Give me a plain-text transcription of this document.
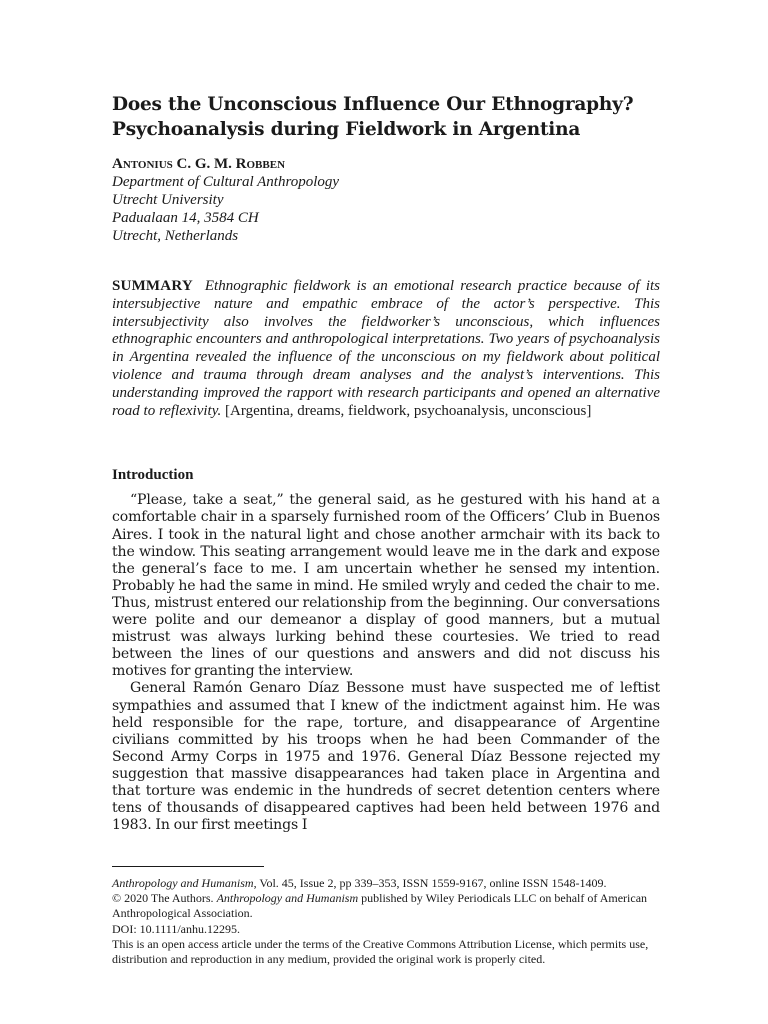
Does the Unconscious Influence Our Ethnography?
Psychoanalysis during Fieldwork in Argentina
Antonius C. G. M. Robben
Department of Cultural Anthropology
Utrecht University
Padualaan 14, 3584 CH
Utrecht, Netherlands
SUMMARY Ethnographic fieldwork is an emotional research practice because of its intersubjective nature and empathic embrace of the actor’s perspective. This intersubjectivity also involves the fieldworker’s unconscious, which influences ethnographic encounters and anthropological interpretations. Two years of psychoanalysis in Argentina revealed the influence of the unconscious on my fieldwork about political violence and trauma through dream analyses and the analyst’s interventions. This understanding improved the rapport with research participants and opened an alternative road to reflexivity. [Argentina, dreams, fieldwork, psychoanalysis, unconscious]
Introduction

“Please, take a seat,” the general said, as he gestured with his hand at a comfortable chair in a sparsely furnished room of the Officers’ Club in Buenos Aires. I took in the natural light and chose another armchair with its back to the window. This seating arrangement would leave me in the dark and expose the general’s face to me. I am uncertain whether he sensed my intention. Probably he had the same in mind. He smiled wryly and ceded the chair to me. Thus, mistrust entered our relationship from the beginning. Our conversations were polite and our demeanor a display of good manners, but a mutual mistrust was always lurking behind these courtesies. We tried to read between the lines of our questions and answers and did not discuss his motives for granting the interview.

General Ramón Genaro Díaz Bessone must have suspected me of leftist sympathies and assumed that I knew of the indictment against him. He was held responsible for the rape, torture, and disappearance of Argentine civilians committed by his troops when he had been Commander of the Second Army Corps in 1975 and 1976. General Díaz Bessone rejected my suggestion that massive disappearances had taken place in Argentina and that torture was endemic in the hundreds of secret detention centers where tens of thousands of disappeared captives had been held between 1976 and 1983. In our first meetings I

Anthropology and Humanism, Vol. 45, Issue 2, pp 339–353, ISSN 1559-9167, online ISSN 1548-1409.
© 2020 The Authors. Anthropology and Humanism published by Wiley Periodicals LLC on behalf of American Anthropological Association.
DOI: 10.1111/anhu.12295.
This is an open access article under the terms of the Creative Commons Attribution License, which permits use, distribution and reproduction in any medium, provided the original work is properly cited.
